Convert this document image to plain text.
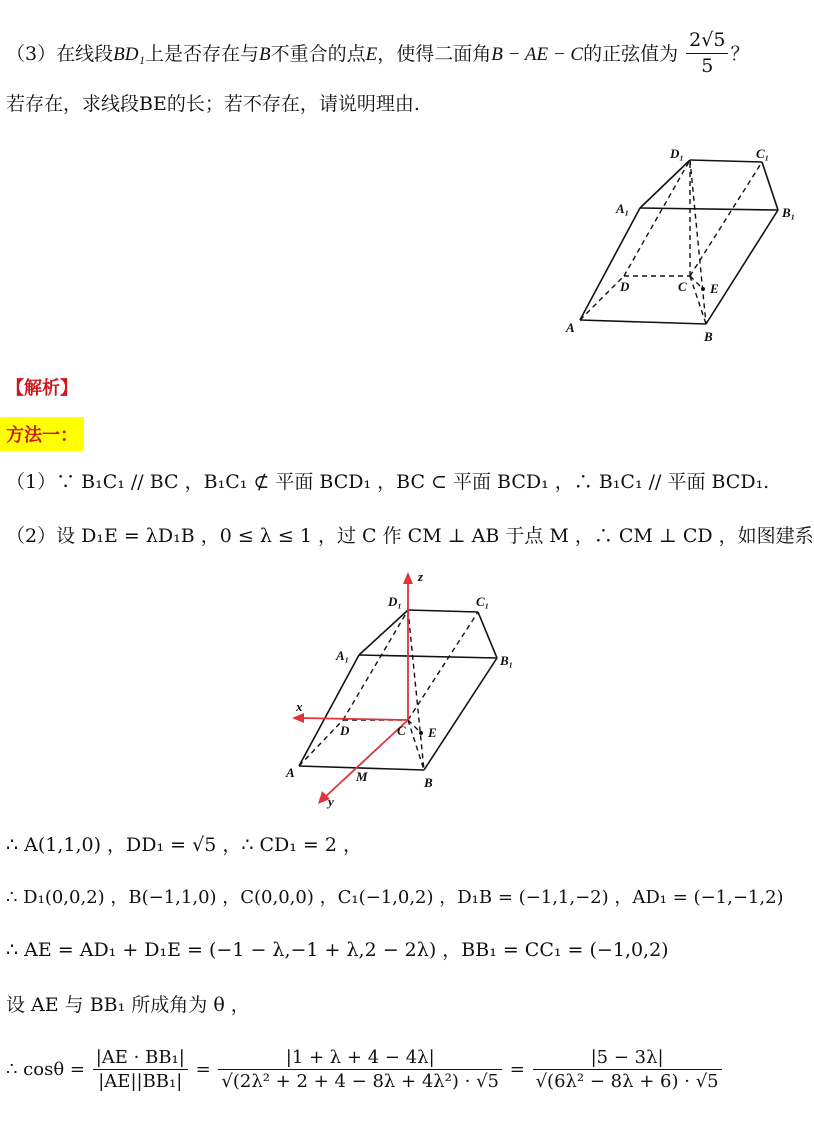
（3）在线段BD₁上是否存在与B不重合的点E，使得二面角B − AE − C的正弦值为 $\frac{2√5}{5}$ ？
若存在，求线段BE的长；若不存在，请说明理由.
D₁	C₁
A₁	B₁
D	C E
A
B
【解析】
方法一：
（1）∵ B₁C₁ // BC ，B₁C₁ ⊄ 平面 BCD₁ ，BC ⊂ 平面 BCD₁ ，∴ B₁C₁ // 平面 BCD₁.
（2）设 D₁E = λD₁B ，0 ≤ λ ≤ 1 ，过 C 作 CM ⊥ AB 于点 M ，∴ CM ⊥ CD ，如图建系
z
x
y
D₁	C₁
A₁	B₁
D	C E
A
B
M
∴ A(1,1,0) ，DD₁ = √5 ，∴ CD₁ = 2 ，
∴ D₁(0,0,2) ，B(−1,1,0) ，C(0,0,0) ，C₁(−1,0,2) ，D₁B = (−1,1,−2) ，AD₁ = (−1,−1,2)
∴ AE = AD₁ + D₁E = (−1 − λ,−1 + λ,2 − 2λ) ，BB₁ = CC₁ = (−1,0,2)
设 AE 与 BB₁ 所成角为 θ ，
∴ $\cos\theta = \frac{\text{|AE · BB₁|}}{\text{|AE||BB₁|}} = \frac{|1 + \lambda + 4 - 4\lambda|}{\text{√(2λ² + 2 + 4 − 8λ + 4λ²) · √5}} = \frac{|5 - 3\lambda|}{\text{√(6λ² − 8λ + 6) · √5}}$
